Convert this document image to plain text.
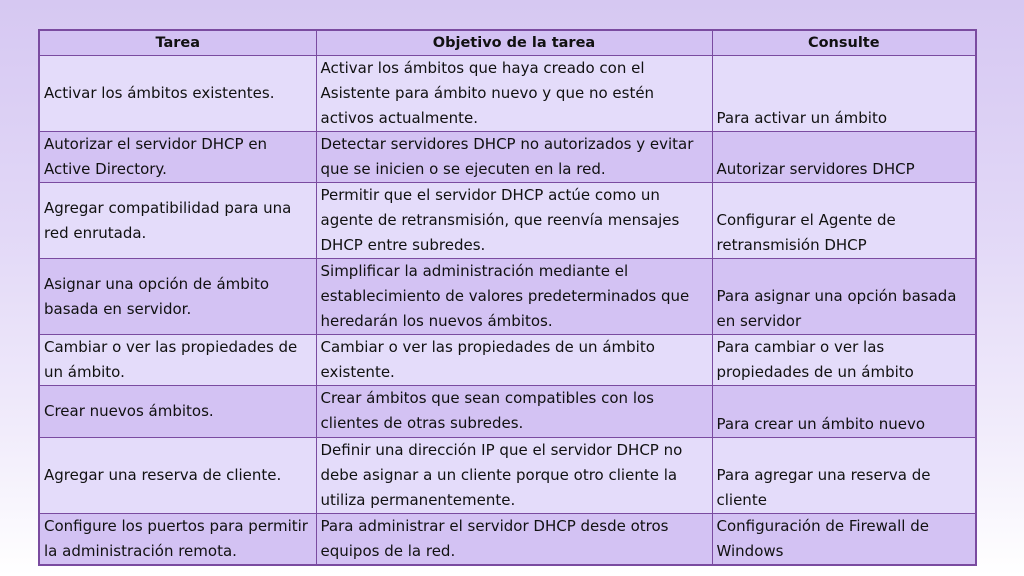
Tarea	Objetivo de la tarea	Consulte
Activar los ámbitos existentes.	Activar los ámbitos que haya creado con el Asistente para ámbito nuevo y que no estén activos actualmente.	Para activar un ámbito
Autorizar el servidor DHCP en Active Directory.	Detectar servidores DHCP no autorizados y evitar que se inicien o se ejecuten en la red.	Autorizar servidores DHCP
Agregar compatibilidad para una red enrutada.	Permitir que el servidor DHCP actúe como un agente de retransmisión, que reenvía mensajes DHCP entre subredes.	Configurar el Agente de retransmisión DHCP
Asignar una opción de ámbito basada en servidor.	Simplificar la administración mediante el establecimiento de valores predeterminados que heredarán los nuevos ámbitos.	Para asignar una opción basada en servidor
Cambiar o ver las propiedades de un ámbito.	Cambiar o ver las propiedades de un ámbito existente.	Para cambiar o ver las propiedades de un ámbito
Crear nuevos ámbitos.	Crear ámbitos que sean compatibles con los clientes de otras subredes.	Para crear un ámbito nuevo
Agregar una reserva de cliente.	Definir una dirección IP que el servidor DHCP no debe asignar a un cliente porque otro cliente la utiliza permanentemente.	Para agregar una reserva de cliente
Configure los puertos para permitir la administración remota.	Para administrar el servidor DHCP desde otros equipos de la red.	Configuración de Firewall de Windows
